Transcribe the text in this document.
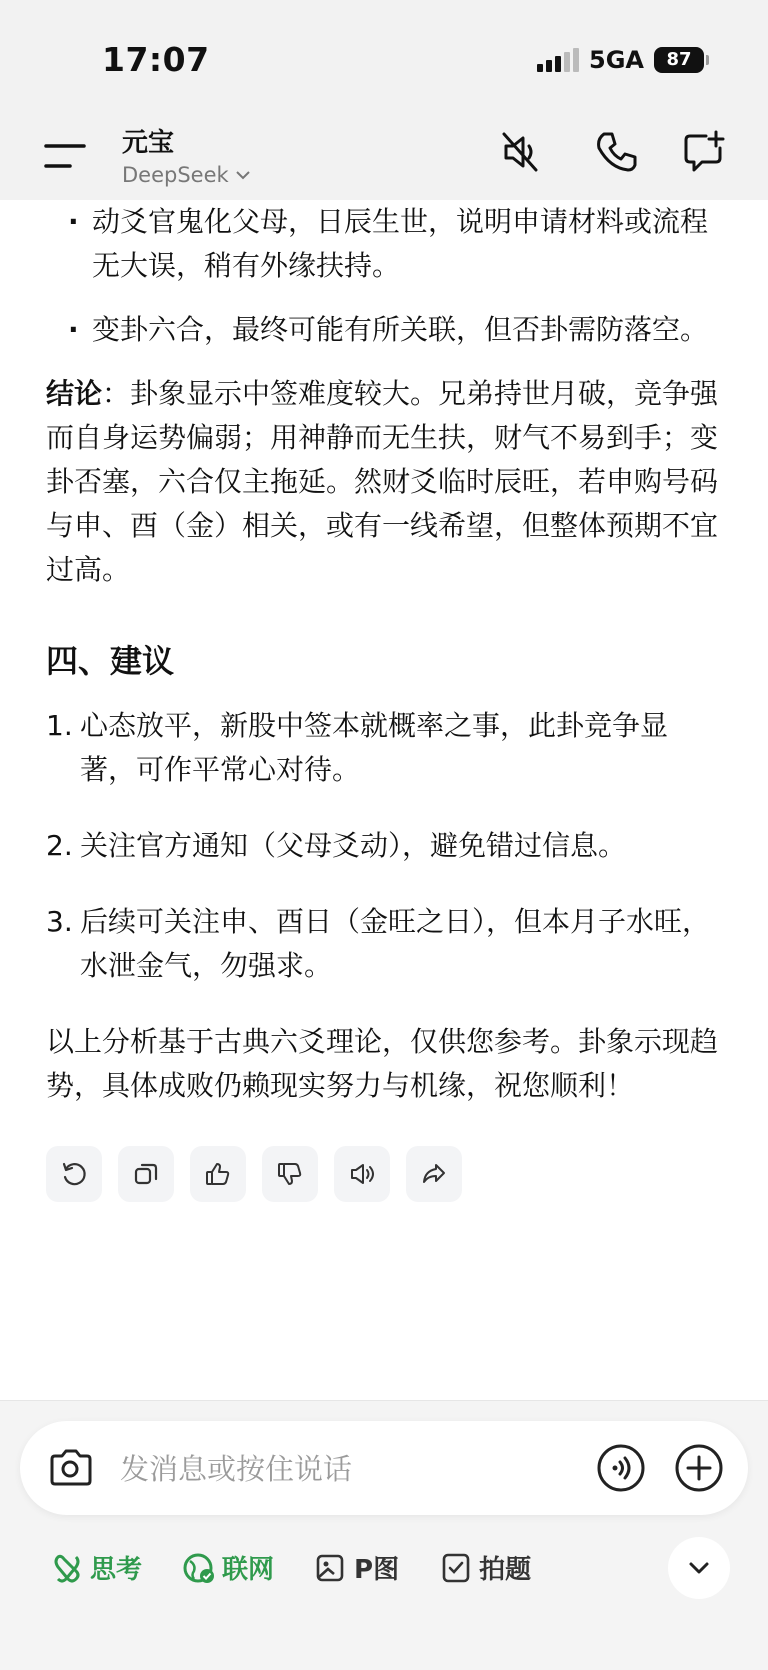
17:07	5GA	87
元宝
DeepSeek
· 动爻官鬼化父母，日辰生世，说明申请材料或流程无大误，稍有外缘扶持。
· 变卦六合，最终可能有所关联，但否卦需防落空。

结论：卦象显示中签难度较大。兄弟持世月破，竞争强而自身运势偏弱；用神静而无生扶，财气不易到手；变卦否塞，六合仅主拖延。然财爻临时辰旺，若申购号码与申、酉（金）相关，或有一线希望，但整体预期不宜过高。

四、建议
1. 心态放平，新股中签本就概率之事，此卦竞争显著，可作平常心对待。
2. 关注官方通知（父母爻动），避免错过信息。
3. 后续可关注申、酉日（金旺之日），但本月子水旺，水泄金气，勿强求。

以上分析基于古典六爻理论，仅供您参考。卦象示现趋势，具体成败仍赖现实努力与机缘，祝您顺利！

发消息或按住说话
思考	联网	P图	拍题
